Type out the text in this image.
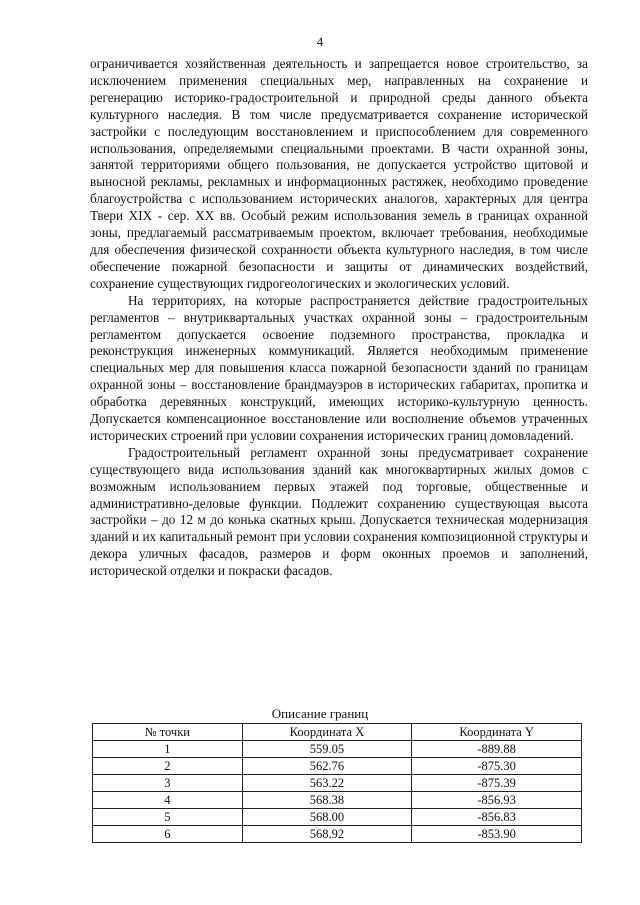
4

ограничивается хозяйственная деятельность и запрещается новое строительство, за исключением применения специальных мер, направленных на сохранение и регенерацию историко-градостроительной и природной среды данного объекта культурного наследия. В том числе предусматривается сохранение исторической застройки с последующим восстановлением и приспособлением для современного использования, определяемыми специальными проектами. В части охранной зоны, занятой территориями общего пользования, не допускается устройство щитовой и выносной рекламы, рекламных и информационных растяжек, необходимо проведение благоустройства с использованием исторических аналогов, характерных для центра Твери XIX - сер. XX вв. Особый режим использования земель в границах охранной зоны, предлагаемый рассматриваемым проектом, включает требования, необходимые для обеспечения физической сохранности объекта культурного наследия, в том числе обеспечение пожарной безопасности и защиты от динамических воздействий, сохранение существующих гидрогеологических и экологических условий.

На территориях, на которые распространяется действие градостроительных регламентов – внутриквартальных участках охранной зоны – градостроительным регламентом допускается освоение подземного пространства, прокладка и реконструкция инженерных коммуникаций. Является необходимым применение специальных мер для повышения класса пожарной безопасности зданий по границам охранной зоны – восстановление брандмауэров в исторических габаритах, пропитка и обработка деревянных конструкций, имеющих историко-культурную ценность. Допускается компенсационное восстановление или восполнение объемов утраченных исторических строений при условии сохранения исторических границ домовладений.

Градостроительный регламент охранной зоны предусматривает сохранение существующего вида использования зданий как многоквартирных жилых домов с возможным использованием первых этажей под торговые, общественные и административно-деловые функции. Подлежит сохранению существующая высота застройки – до 12 м до конька скатных крыш. Допускается техническая модернизация зданий и их капитальный ремонт при условии сохранения композиционной структуры и декора уличных фасадов, размеров и форм оконных проемов и заполнений, исторической отделки и покраски фасадов.

Описание границ
№ точки	Координата X	Координата Y
1	559.05	-889.88
2	562.76	-875.30
3	563.22	-875.39
4	568.38	-856.93
5	568.00	-856.83
6	568.92	-853.90
